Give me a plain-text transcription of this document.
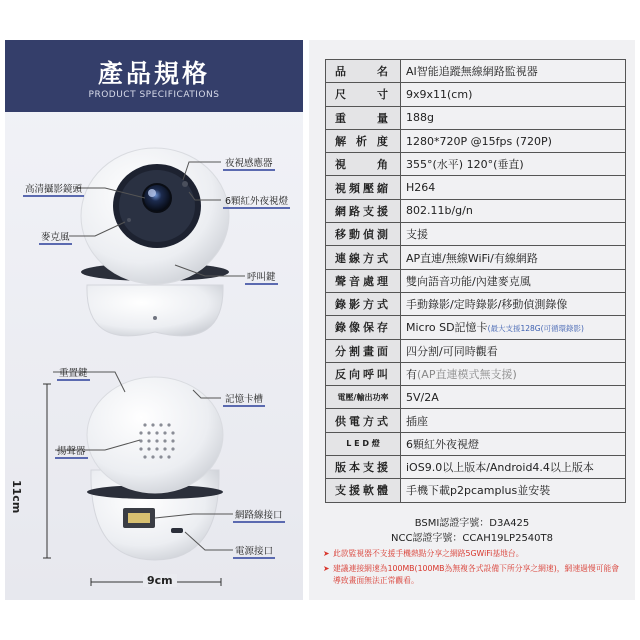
產品規格
PRODUCT SPECIFICATIONS
夜視感應器
高清攝影鏡頭
6顆紅外夜視燈
麥克風
呼叫鍵
重置鍵
記憶卡槽
揚聲器
網路線接口
電源接口
11cm
9cm
品　　名	AI智能追蹤無線網路監視器
尺　　寸	9x9x11(cm)
重　　量	188g
解 析 度	1280*720P @15fps (720P)
視　　角	355°(水平) 120°(垂直)
視頻壓縮	H264
網路支援	802.11b/g/n
移動偵測	支援
連線方式	AP直連/無線WiFi/有線網路
聲音處理	雙向語音功能/內建麥克風
錄影方式	手動錄影/定時錄影/移動偵測錄像
錄像保存	Micro SD記憶卡(最大支援128G(可循環錄影)
分割畫面	四分割/可同時觀看
反向呼叫	有(AP直連模式無支援)
電壓/輸出功率	5V/2A
供電方式	插座
L E D 燈	6顆紅外夜視燈
版本支援	iOS9.0以上版本/Android4.4以上版本
支援軟體	手機下載p2pcamplus並安裝
BSMI認證字號：D3A425
NCC認證字號：CCAH19LP2540T8
➤ 此款監視器不支援手機熱點分享之網路5GWiFi基地台。
➤ 建議連接網速為100MB(100MB為無複各式設備下所分享之網速)，網速過慢可能會導致畫面無法正常觀看。
